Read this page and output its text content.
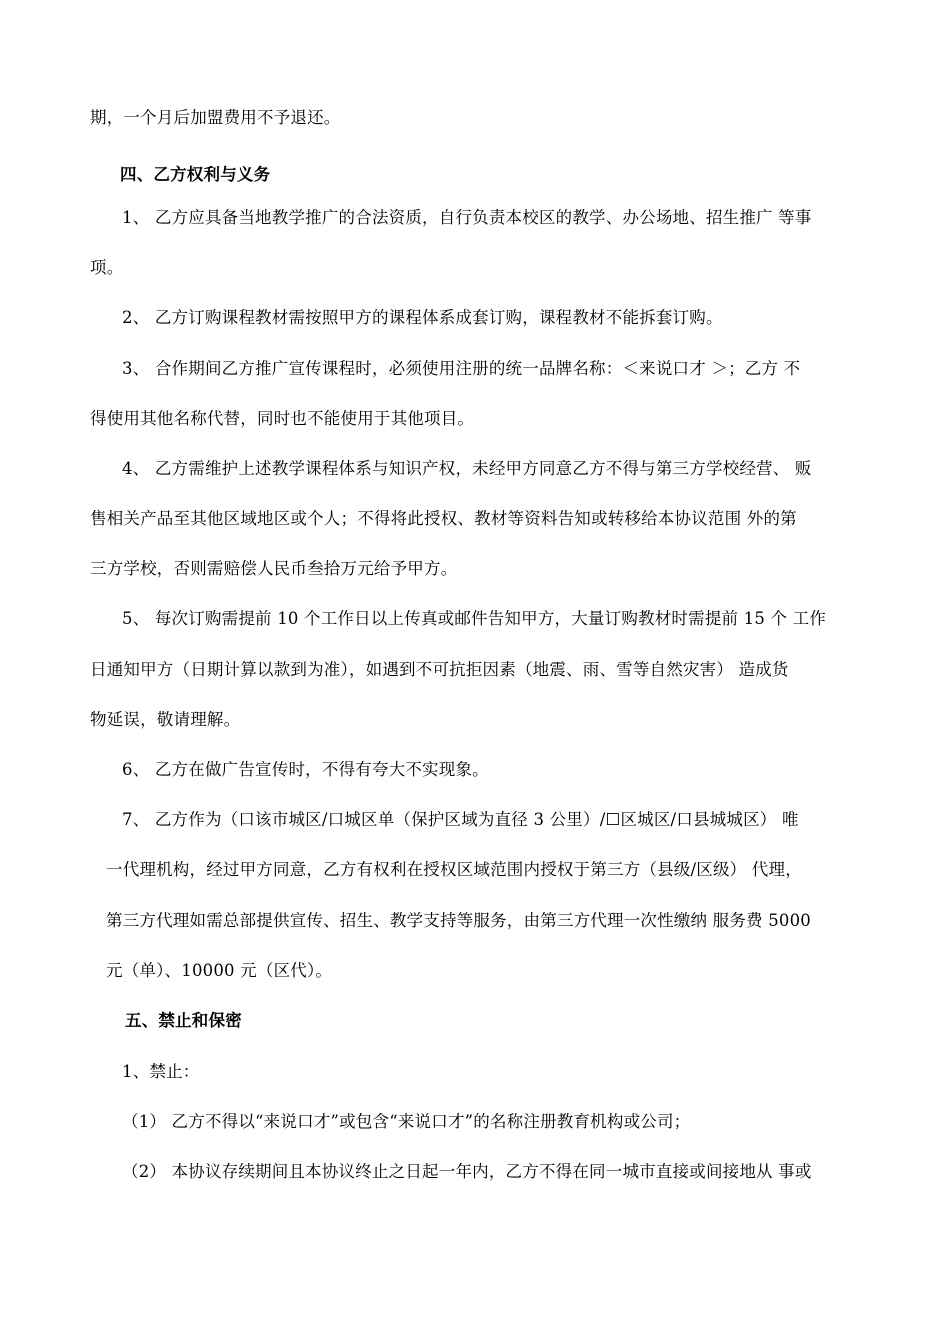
期，一个月后加盟费用不予退还。
四、乙方权利与义务
1、 乙方应具备当地教学推广的合法资质，自行负责本校区的教学、办公场地、招生推广 等事
项。
2、 乙方订购课程教材需按照甲方的课程体系成套订购，课程教材不能拆套订购。
3、 合作期间乙方推广宣传课程时，必须使用注册的统一品牌名称：＜来说口才 ＞；乙方 不
得使用其他名称代替，同时也不能使用于其他项目。
4、 乙方需维护上述教学课程体系与知识产权，未经甲方同意乙方不得与第三方学校经营、 贩
售相关产品至其他区域地区或个人；不得将此授权、教材等资料告知或转移给本协议范围 外的第
三方学校，否则需赔偿人民币叁拾万元给予甲方。
5、 每次订购需提前 10 个工作日以上传真或邮件告知甲方，大量订购教材时需提前 15 个 工作
日通知甲方（日期计算以款到为准），如遇到不可抗拒因素（地震、雨、雪等自然灾害） 造成货
物延误，敬请理解。
6、 乙方在做广告宣传时，不得有夸大不实现象。
7、 乙方作为（口该市城区/口城区单（保护区域为直径 3 公里）/☐区城区/口县城城区） 唯
一代理机构，经过甲方同意，乙方有权利在授权区域范围内授权于第三方（县级/区级） 代理，
第三方代理如需总部提供宣传、招生、教学支持等服务，由第三方代理一次性缴纳 服务费 5000
元（单）、10000 元（区代）。
五、禁止和保密
1、禁止：
（1） 乙方不得以“来说口才”或包含“来说口才”的名称注册教育机构或公司；
（2） 本协议存续期间且本协议终止之日起一年内，乙方不得在同一城市直接或间接地从 事或
